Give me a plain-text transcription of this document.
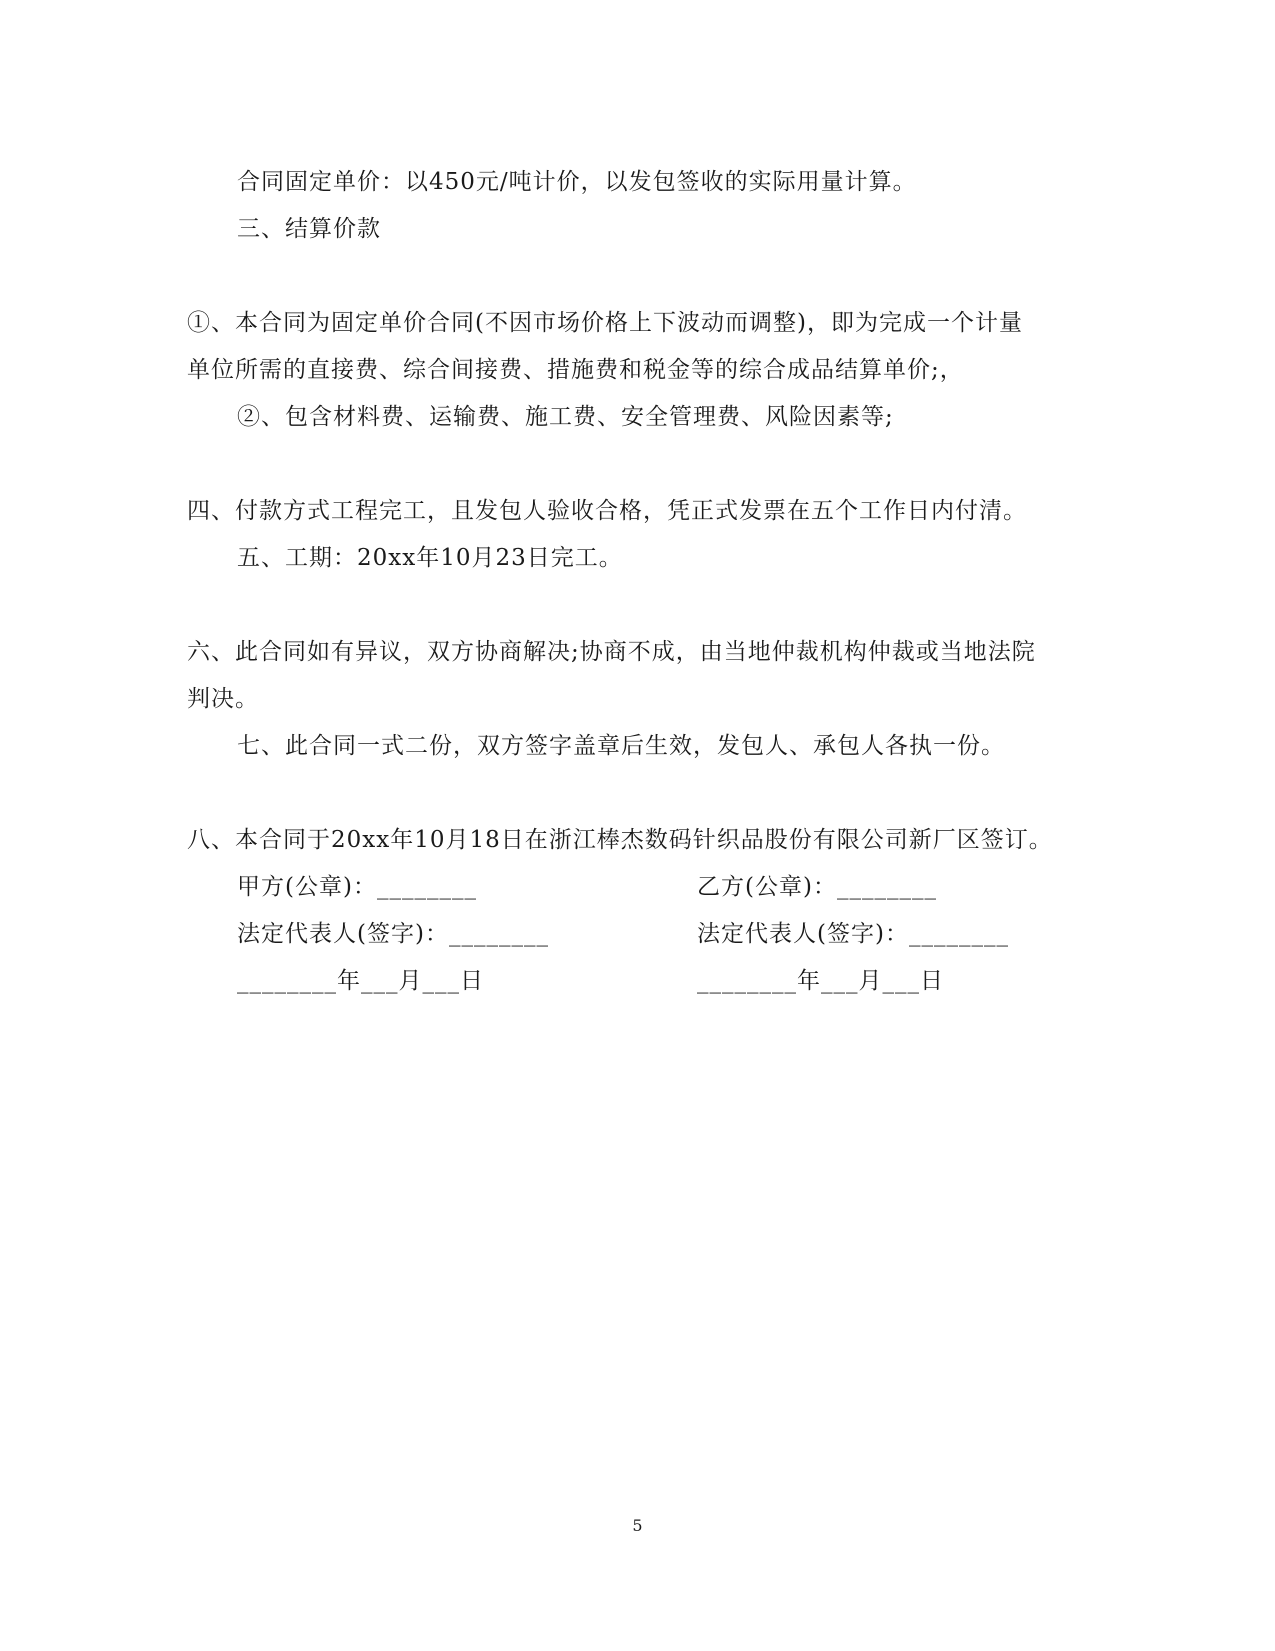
合同固定单价：以450元/吨计价，以发包签收的实际用量计算。
三、结算价款
①、本合同为固定单价合同(不因市场价格上下波动而调整)，即为完成一个计量
单位所需的直接费、综合间接费、措施费和税金等的综合成品结算单价;，
②、包含材料费、运输费、施工费、安全管理费、风险因素等;
四、付款方式工程完工，且发包人验收合格，凭正式发票在五个工作日内付清。
五、工期：20xx年10月23日完工。
六、此合同如有异议，双方协商解决;协商不成，由当地仲裁机构仲裁或当地法院
判决。
七、此合同一式二份，双方签字盖章后生效，发包人、承包人各执一份。
八、本合同于20xx年10月18日在浙江棒杰数码针织品股份有限公司新厂区签订。
甲方(公章)：________	乙方(公章)：________
法定代表人(签字)：________	法定代表人(签字)：________
________年___月___日	________年___月___日
5
